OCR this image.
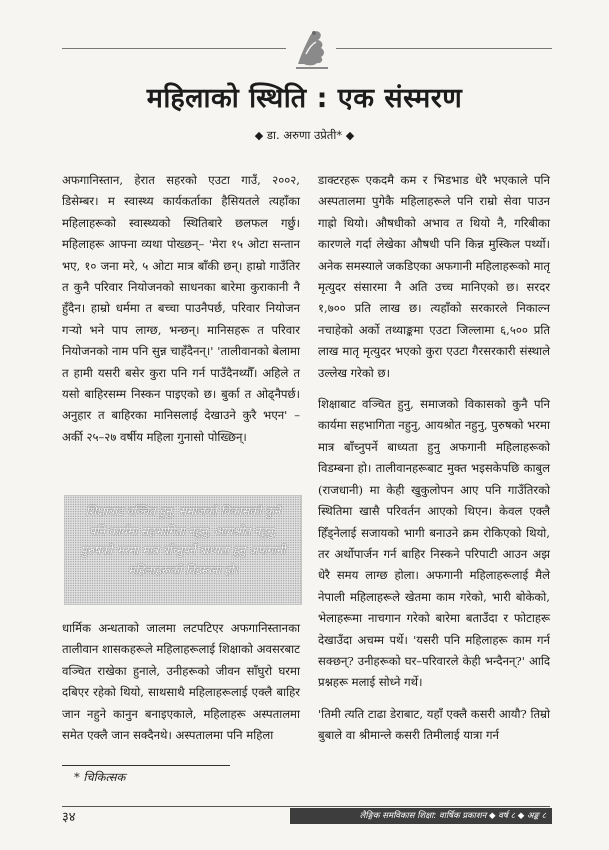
महिलाको स्थिति : एक संस्मरण
◆ डा. अरुणा उप्रेती* ◆

अफगानिस्तान, हेरात सहरको एउटा गाउँ, २००२, डिसेम्बर। म स्वास्थ्य कार्यकर्ताका हैसियतले त्यहाँका महिलाहरूको स्वास्थ्यको स्थितिबारे छलफल गर्छु। महिलाहरू आफ्ना व्यथा पोख्छन्– 'मेरा १५ ओटा सन्तान भए, १० जना मरे, ५ ओटा मात्र बाँकी छन्। हाम्रो गाउँतिर त कुनै परिवार नियोजनको साधनका बारेमा कुराकानी नै हुँदैन। हाम्रो धर्ममा त बच्चा पाउनैपर्छ, परिवार नियोजन गऱ्यो भने पाप लाग्छ, भन्छन्। मानिसहरू त परिवार नियोजनको नाम पनि सुन्न चाहँदैनन्।' 'तालीवानको बेलामा त हामी यसरी बसेर कुरा पनि गर्न पाउँदैनथ्यौँ। अहिले त यसो बाहिरसम्म निस्कन पाइएको छ। बुर्का त ओढ्नैपर्छ। अनुहार त बाहिरका मानिसलाई देखाउने कुरै भएन' – अर्की २५–२७ वर्षीय महिला गुनासो पोख्छिन्।

शिक्षाबाट वञ्चित हुनु, समाजको विकासको कुनै पनि कार्यमा सहभागिता नहुनु, आयश्रोत नहुनु, पुरुषको भरमा मात्र बाँच्नुपर्ने बाध्यता हुनु अफगानी महिलाहरूको विडम्बना हो।

धार्मिक अन्धताको जालमा लटपटिएर अफगानिस्तानका तालीवान शासकहरूले महिलाहरूलाई शिक्षाको अवसरबाट वञ्चित राखेका हुनाले, उनीहरूको जीवन साँघुरो घरमा दबिएर रहेको थियो, साथसाथै महिलाहरूलाई एक्लै बाहिर जान नहुने कानुन बनाइएकाले, महिलाहरू अस्पतालमा समेत एक्लै जान सक्दैनथे। अस्पतालमा पनि महिला

डाक्टरहरू एकदमै कम र भिडभाड धेरै भएकाले पनि अस्पतालमा पुगेकै महिलाहरूले पनि राम्रो सेवा पाउन गाह्रो थियो। औषधीको अभाव त थियो नै, गरिबीका कारणले गर्दा लेखेका औषधी पनि किन्न मुस्किल पर्थ्यो। अनेक समस्याले जकडिएका अफगानी महिलाहरूको मातृ मृत्युदर संसारमा नै अति उच्च मानिएको छ। सरदर १,७०० प्रति लाख छ। त्यहाँको सरकारले निकाल्न नचाहेको अर्को तथ्याङ्कमा एउटा जिल्लामा ६,५०० प्रति लाख मातृ मृत्युदर भएको कुरा एउटा गैरसरकारी संस्थाले उल्लेख गरेको छ।

शिक्षाबाट वञ्चित हुनु, समाजको विकासको कुनै पनि कार्यमा सहभागिता नहुनु, आयश्रोत नहुनु, पुरुषको भरमा मात्र बाँच्नुपर्ने बाध्यता हुनु अफगानी महिलाहरूको विडम्बना हो। तालीवानहरूबाट मुक्त भइसकेपछि काबुल (राजधानी) मा केही खुकुलोपन आए पनि गाउँतिरको स्थितिमा खासै परिवर्तन आएको थिएन। केवल एक्लै हिँड्नेलाई सजायको भागी बनाउने क्रम रोकिएको थियो, तर अर्थोपार्जन गर्न बाहिर निस्कने परिपाटी आउन अझ धेरै समय लाग्छ होला। अफगानी महिलाहरूलाई मैले नेपाली महिलाहरूले खेतमा काम गरेको, भारी बोकेको, भेलाहरूमा नाचगान गरेको बारेमा बताउँदा र फोटाहरू देखाउँदा अचम्म पर्थे। 'यसरी पनि महिलाहरू काम गर्न सक्छन्? उनीहरूको घर–परिवारले केही भन्दैनन्?' आदि प्रश्नहरू मलाई सोध्ने गर्थे।

'तिमी त्यति टाढा डेराबाट, यहाँ एक्लै कसरी आयौ? तिम्रो बुबाले वा श्रीमान्ले कसरी तिमीलाई यात्रा गर्न

* चिकित्सक
३४	लैङ्गिक समविकास शिक्षा: वार्षिक प्रकाशन ◆ वर्ष ८ ◆ अङ्क ८
